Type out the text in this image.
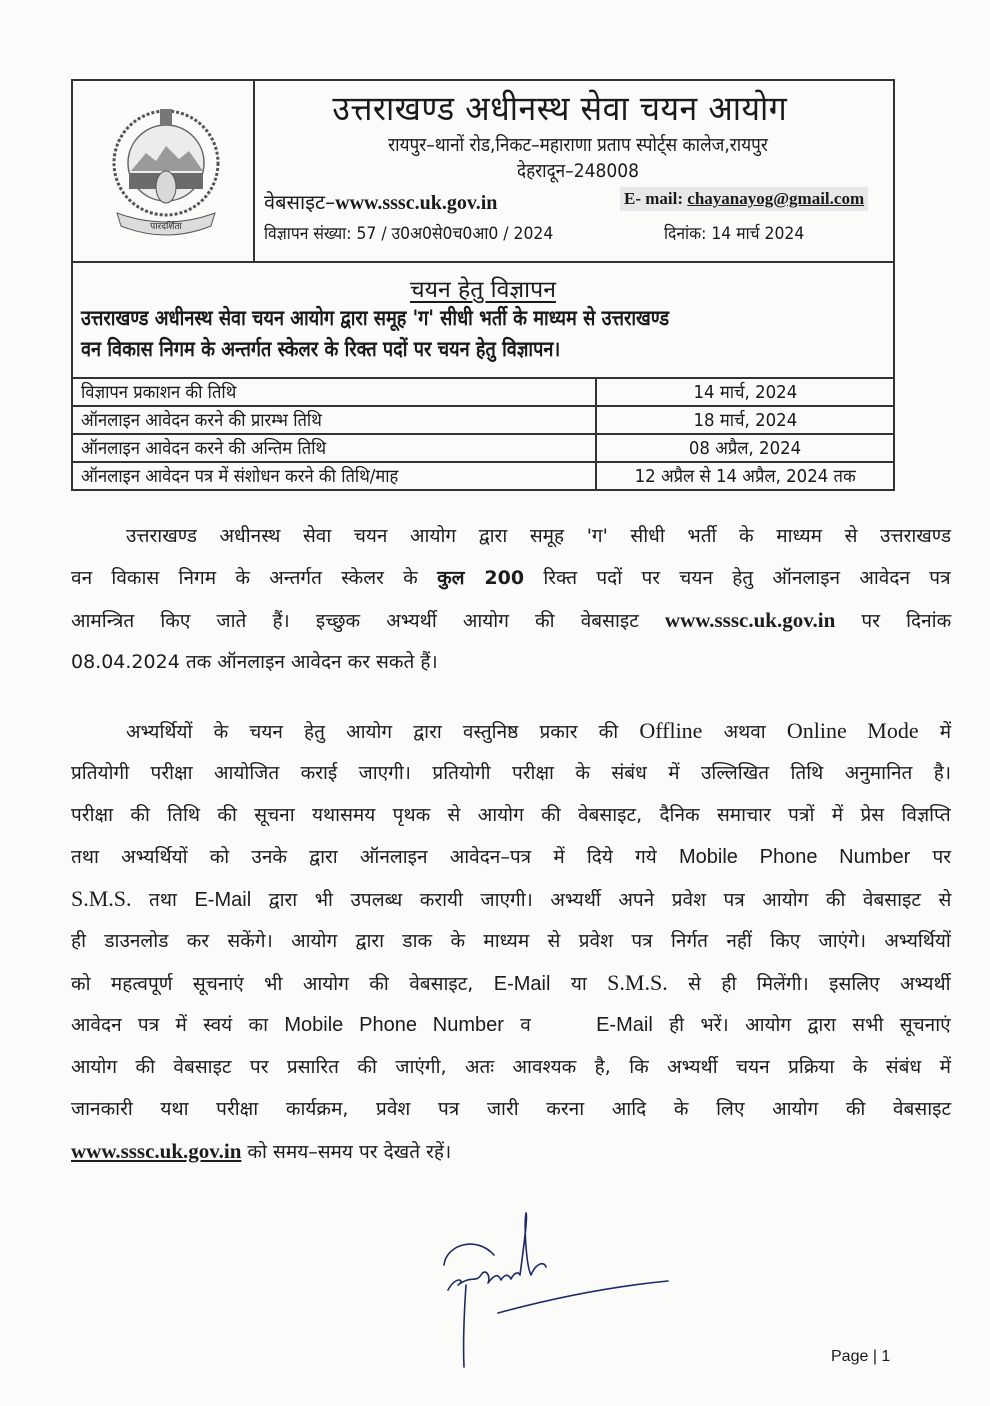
पारदर्शिता
उत्तराखण्ड अधीनस्थ सेवा चयन आयोग
रायपुर–थानों रोड,निकट–महाराणा प्रताप स्पोर्ट्स कालेज,रायपुर
देहरादून–248008
वेबसाइट–www.sssc.uk.gov.in	E- mail: chayanayog@gmail.com
विज्ञापन संख्या: 57 / उ0अ0से0च0आ0 / 2024	दिनांक: 14 मार्च 2024
चयन हेतु विज्ञापन
उत्तराखण्ड अधीनस्थ सेवा चयन आयोग द्वारा समूह 'ग' सीधी भर्ती के माध्यम से उत्तराखण्ड
वन विकास निगम के अन्तर्गत स्केलर के रिक्त पदों पर चयन हेतु विज्ञापन।
विज्ञापन प्रकाशन की तिथि	14 मार्च, 2024
ऑनलाइन आवेदन करने की प्रारम्भ तिथि	18 मार्च, 2024
ऑनलाइन आवेदन करने की अन्तिम तिथि	08 अप्रैल, 2024
ऑनलाइन आवेदन पत्र में संशोधन करने की तिथि/माह	12 अप्रैल से 14 अप्रैल, 2024 तक
उत्तराखण्ड अधीनस्थ सेवा चयन आयोग द्वारा समूह 'ग' सीधी भर्ती के माध्यम से उत्तराखण्ड
वन विकास निगम के अन्तर्गत स्केलर के कुल 200 रिक्त पदों पर चयन हेतु ऑनलाइन आवेदन पत्र
आमन्त्रित किए जाते हैं। इच्छुक अभ्यर्थी आयोग की वेबसाइट www.sssc.uk.gov.in पर दिनांक
08.04.2024 तक ऑनलाइन आवेदन कर सकते हैं।
अभ्यर्थियों के चयन हेतु आयोग द्वारा वस्तुनिष्ठ प्रकार की Offline अथवा Online Mode में
प्रतियोगी परीक्षा आयोजित कराई जाएगी। प्रतियोगी परीक्षा के संबंध में उल्लिखित तिथि अनुमानित है।
परीक्षा की तिथि की सूचना यथासमय पृथक से आयोग की वेबसाइट, दैनिक समाचार पत्रों में प्रेस विज्ञप्ति
तथा अभ्यर्थियों को उनके द्वारा ऑनलाइन आवेदन–पत्र में दिये गये Mobile Phone Number पर
S.M.S. तथा E-Mail द्वारा भी उपलब्ध करायी जाएगी। अभ्यर्थी अपने प्रवेश पत्र आयोग की वेबसाइट से
ही डाउनलोड कर सकेंगे। आयोग द्वारा डाक के माध्यम से प्रवेश पत्र निर्गत नहीं किए जाएंगे। अभ्यर्थियों
को महत्वपूर्ण सूचनाएं भी आयोग की वेबसाइट, E-Mail या S.M.S. से ही मिलेंगी। इसलिए अभ्यर्थी
आवेदन पत्र में स्वयं का Mobile Phone Number व    E-Mail ही भरें। आयोग द्वारा सभी सूचनाएं
आयोग की वेबसाइट पर प्रसारित की जाएंगी, अतः आवश्यक है, कि अभ्यर्थी चयन प्रक्रिया के संबंध में
जानकारी यथा परीक्षा कार्यक्रम, प्रवेश पत्र जारी करना आदि के लिए आयोग की वेबसाइट
www.sssc.uk.gov.in को समय–समय पर देखते रहें।
Page | 1
